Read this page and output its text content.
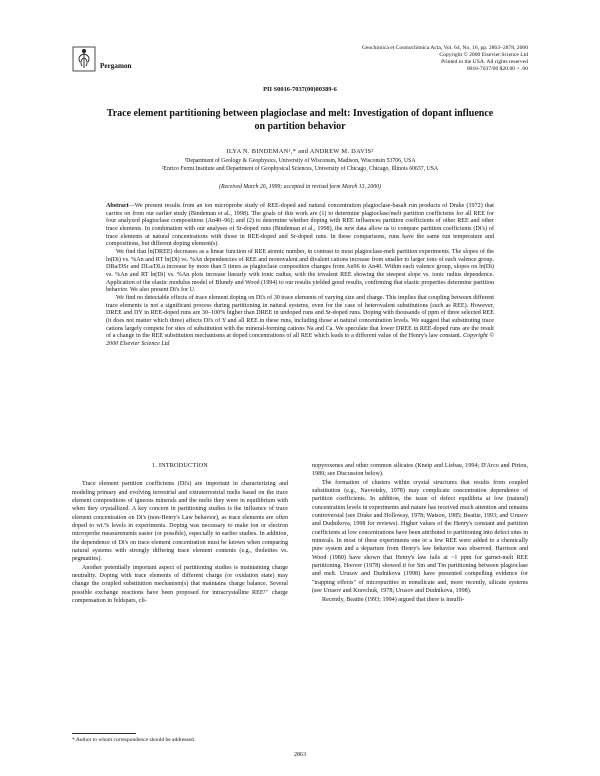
Pergamon
Geochimica et Cosmochimica Acta, Vol. 64, No. 16, pp. 2863–2878, 2000
Copyright © 2000 Elsevier Science Ltd
Printed in the USA. All rights reserved
0016-7037/00 $20.00 + .00
PII S0016-7037(00)00389-6
Trace element partitioning between plagioclase and melt: Investigation of dopant influence
on partition behavior
ILYA N. BINDEMAN¹,* and ANDREW M. DAVIS²
¹Department of Geology & Geophysics, University of Wisconsin, Madison, Wisconsin 53706, USA
²Enrico Fermi Institute and Department of Geophysical Sciences, University of Chicago, Chicago, Illinois 60637, USA
(Received March 26, 1999; accepted in revised form March 13, 2000)

Abstract—We present results from an ion microprobe study of REE-doped and natural concentration plagioclase-basalt run products of Drake (1972) that carries on from our earlier study (Bindeman et al., 1998). The goals of this work are (1) to determine plagioclase/melt partition coefficients for all REE for four analyzed plagioclase compositions (An40–96); and (2) to determine whether doping with REE influences partition coefficients of other REE and other trace elements. In combination with our analyses of Sr-doped runs (Bindeman et al., 1998), the new data allow us to compare partition coefficients (Di's) of trace elements at natural concentrations with those in REE-doped and Sr-doped runs. In these comparisons, runs have the same run temperature and compositions, but different doping element(s).

We find that ln(DREE) decreases as a linear function of REE atomic number, in contrast to most plagioclase-melt partition experiments. The slopes of the ln(Di) vs. %An and RT ln(Di) vs. %An dependencies of REE and monovalent and divalent cations increase from smaller to larger ions of each valence group. DBa/DSr and DLa/DLu increase by more than 5 times as plagioclase composition changes from An96 to An40. Within each valence group, slopes on ln(Di) vs. %An and RT ln(Di) vs. %An plots increase linearly with ionic radius, with the trivalent REE showing the steepest slope vs. ionic radius dependence. Application of the elastic modulus model of Blundy and Wood (1994) to our results yielded good results, confirming that elastic properties determine partition behavior. We also present Di's for U.

We find no detectable effects of trace element doping on Di's of 30 trace elements of varying size and charge. This implies that coupling between different trace elements is not a significant process during partitioning in natural systems, even for the case of heterovalent substitutions (such as REE). However, DREE and DY in REE-doped runs are 30–100% higher than DREE in undoped runs and Sr-doped runs. Doping with thousands of ppm of three selected REE (it does not matter which three) affects Di's of Y and all REE in these runs, including those at natural concentration levels. We suggest that substituting trace cations largely compete for sites of substitution with the mineral-forming cations Na and Ca. We speculate that lower DREE in REE-doped runs are the result of a change in the REE substitution mechanisms at doped concentrations of all REE which leads to a different value of the Henry's law constant. Copyright © 2000 Elsevier Science Ltd

1. INTRODUCTION

Trace element partition coefficients (Di's) are important in characterizing and modeling primary and evolving terrestrial and extraterrestrial melts based on the trace element compositions of igneous minerals and the melts they were in equilibrium with when they crystallized. A key concern in partitioning studies is the influence of trace element concentration on Di's (non-Henry's Law behavior), as trace elements are often doped to wt.% levels in experiments. Doping was necessary to make ion or electron microprobe measurements easier (or possible), especially in earlier studies. In addition, the dependence of Di's on trace element concentration must be known when comparing natural systems with strongly differing trace element contents (e.g., tholeiites vs. pegmatites).

Another potentially important aspect of partitioning studies is maintaining charge neutrality. Doping with trace elements of different charge (or oxidation state) may change the coupled substitution mechanism(s) that maintains charge balance. Several possible exchange reactions have been proposed for intracrystalline REE³⁺ charge compensation in feldspars, cli-

nopyroxenes and other common silicates (Kneip and Liebau, 1994; D'Arco and Piriou, 1989; see Discussion below).

The formation of clusters within crystal structures that results from coupled substitution (e.g., Navrotsky, 1978) may complicate concentration dependence of partition coefficients. In addition, the issue of defect equilibria at low (natural) concentration levels in experiments and nature has received much attention and remains controversial (see Drake and Holloway, 1978; Watson, 1985; Beattie, 1993; and Urusov and Dudnikova, 1998 for reviews). Higher values of the Henry's constant and partition coefficients at low concentrations have been attributed to partitioning into defect sites in minerals. In most of these experiments one or a few REE were added to a chemically pure system and a departure from Henry's law behavior was observed. Harrison and Wood (1980) have shown that Henry's law fails at ~1 ppm for garnet-melt REE partitioning. Hoover (1978) showed it for Sm and Tm partitioning between plagioclase and melt. Urusov and Dudnikova (1998) have presented compelling evidence for "trapping effects" of micropurities in nonsilicate and, more recently, silicate systems (see Urusov and Kravchuk, 1978; Urusov and Dudnikova, 1998).

Recently, Beattie (1993; 1994) argued that there is insuffi-

* Author to whom correspondence should be addressed.
2863
